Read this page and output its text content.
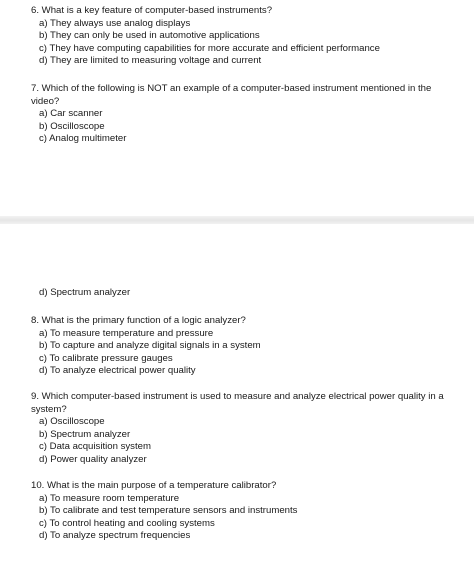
6. What is a key feature of computer-based instruments?

a) They always use analog displays

b) They can only be used in automotive applications

c) They have computing capabilities for more accurate and efficient performance

d) They are limited to measuring voltage and current

7. Which of the following is NOT an example of a computer-based instrument mentioned in the video?

a) Car scanner

b) Oscilloscope

c) Analog multimeter

d) Spectrum analyzer

8. What is the primary function of a logic analyzer?

a) To measure temperature and pressure

b) To capture and analyze digital signals in a system

c) To calibrate pressure gauges

d) To analyze electrical power quality

9. Which computer-based instrument is used to measure and analyze electrical power quality in a system?

a) Oscilloscope

b) Spectrum analyzer

c) Data acquisition system

d) Power quality analyzer

10. What is the main purpose of a temperature calibrator?

a) To measure room temperature

b) To calibrate and test temperature sensors and instruments

c) To control heating and cooling systems

d) To analyze spectrum frequencies
